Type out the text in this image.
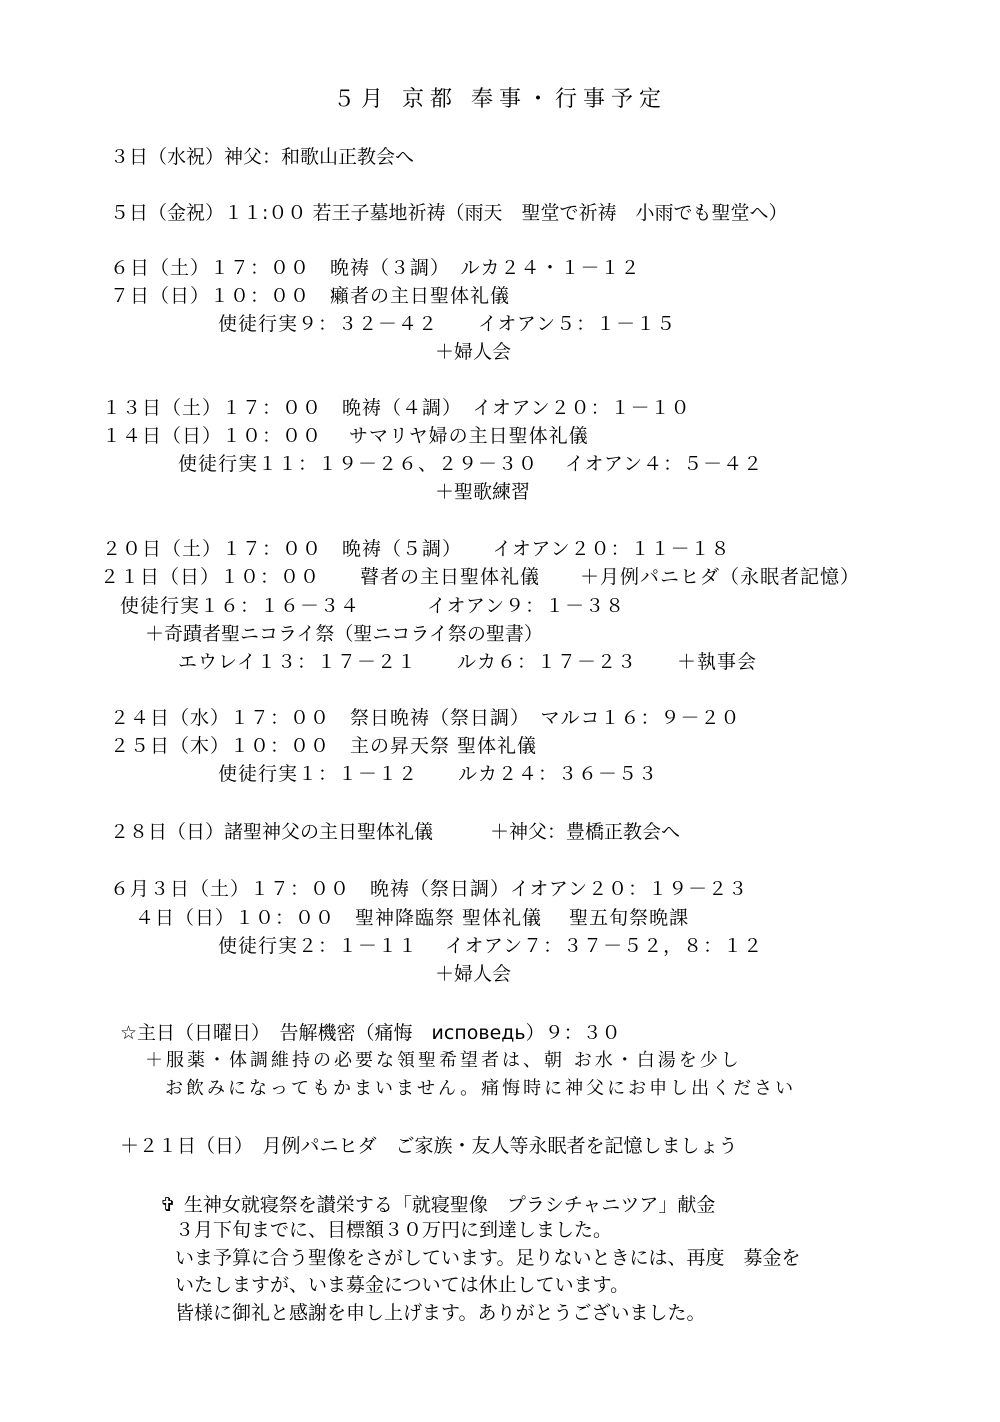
５月 京都 奉事・行事予定
３日（水祝）神父：和歌山正教会へ
５日（金祝）１１:００ 若王子墓地祈祷（雨天　聖堂で祈祷　小雨でも聖堂へ）
６日（土）１７：００　晩祷（３調）　ルカ２４・１－１２
７日（日）１０：００　癩者の主日聖体礼儀
使徒行実９：３２－４２　　イオアン５：１－１５
＋婦人会
１３日（土）１７：００　晩祷（４調）　イオアン２０：１－１０
１４日（日）１０：００　 サマリヤ婦の主日聖体礼儀
使徒行実１１：１９－２６、２９－３０　 イオアン４：５－４２
＋聖歌練習
２０日（土）１７：００　晩祷（５調）　　イオアン２０：１１－１８
２１日（日）１０：００　　瞽者の主日聖体礼儀　　＋月例パニヒダ（永眠者記憶）
使徒行実１６：１６－３４　　　 イオアン９：１－３８
＋奇蹟者聖ニコライ祭（聖ニコライ祭の聖書）
エウレイ１３：１７－２１　　ルカ６：１７－２３　　＋執事会
２４日（水）１７：００　祭日晩祷（祭日調）　マルコ１６：９－２０
２５日（木）１０：００　主の昇天祭 聖体礼儀
使徒行実１：１－１２　　ルカ２４：３６－５３
２８日（日）諸聖神父の主日聖体礼儀　　　＋神父：豊橋正教会へ
６月３日（土）１７：００　晩祷（祭日調）イオアン２０：１９－２３
４日（日）１０：００　聖神降臨祭 聖体礼儀　 聖五旬祭晩課
使徒行実２：１－１１　 イオアン７：３７－５２，８：１２
＋婦人会
☆主日（日曜日）　告解機密（痛悔　исповедь）９：３０
＋服薬・体調維持の必要な領聖希望者は、朝 お水・白湯を少し
お飲みになってもかまいません。痛悔時に神父にお申し出ください
＋２１日（日）　月例パニヒダ　ご家族・友人等永眠者を記憶しましょう
✞ 生神女就寝祭を讃栄する「就寝聖像　プラシチャニツア」献金
３月下旬までに、目標額３０万円に到達しました。
いま予算に合う聖像をさがしています。足りないときには、再度　募金を
いたしますが、いま募金については休止しています。
皆様に御礼と感謝を申し上げます。ありがとうございました。
